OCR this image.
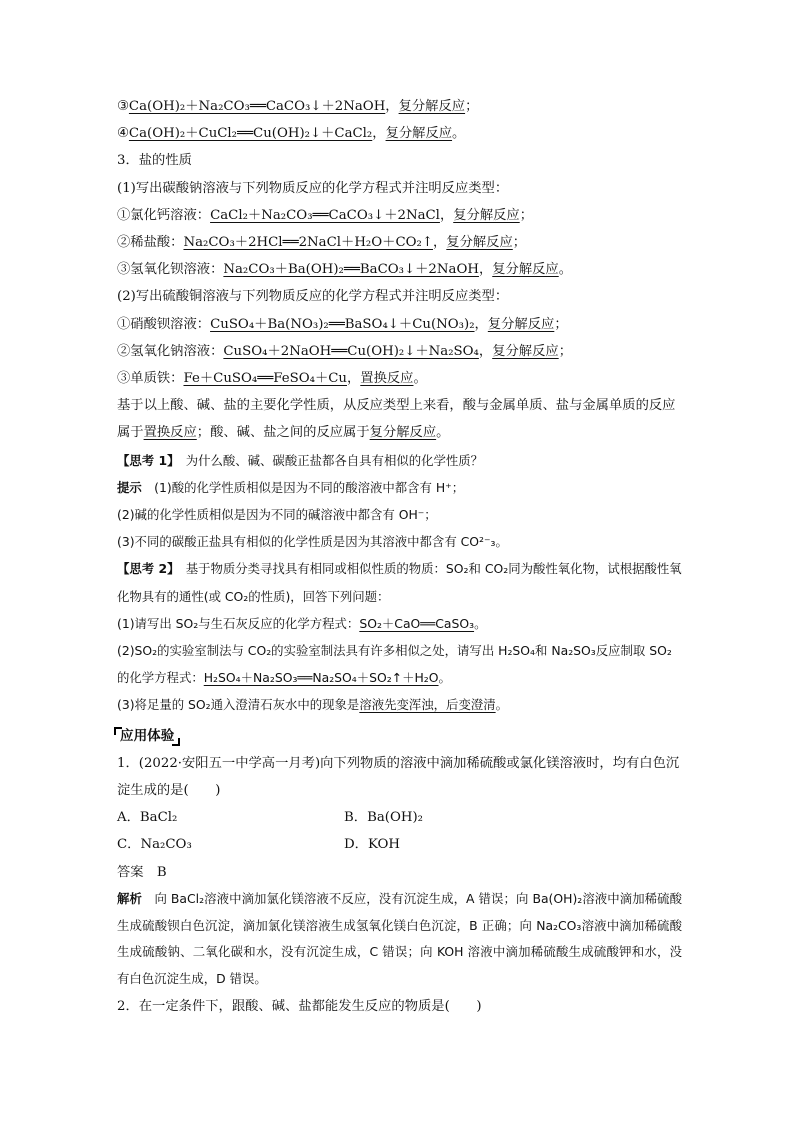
③Ca(OH)₂＋Na₂CO₃══CaCO₃↓＋2NaOH，复分解反应；
④Ca(OH)₂＋CuCl₂══Cu(OH)₂↓＋CaCl₂，复分解反应。
3．盐的性质
(1)写出碳酸钠溶液与下列物质反应的化学方程式并注明反应类型：
①氯化钙溶液：CaCl₂＋Na₂CO₃══CaCO₃↓＋2NaCl，复分解反应；
②稀盐酸：Na₂CO₃＋2HCl══2NaCl＋H₂O＋CO₂↑，复分解反应；
③氢氧化钡溶液：Na₂CO₃＋Ba(OH)₂══BaCO₃↓＋2NaOH，复分解反应。
(2)写出硫酸铜溶液与下列物质反应的化学方程式并注明反应类型：
①硝酸钡溶液：CuSO₄＋Ba(NO₃)₂══BaSO₄↓＋Cu(NO₃)₂，复分解反应；
②氢氧化钠溶液：CuSO₄＋2NaOH══Cu(OH)₂↓＋Na₂SO₄，复分解反应；
③单质铁：Fe＋CuSO₄══FeSO₄＋Cu，置换反应。
基于以上酸、碱、盐的主要化学性质，从反应类型上来看，酸与金属单质、盐与金属单质的反应属于置换反应；酸、碱、盐之间的反应属于复分解反应。
【思考 1】　 为什么酸、碱、碳酸正盐都各自具有相似的化学性质？
提示　 (1)酸的化学性质相似是因为不同的酸溶液中都含有 H⁺；
(2)碱的化学性质相似是因为不同的碱溶液中都含有 OH⁻；
(3)不同的碳酸正盐具有相似的化学性质是因为其溶液中都含有 CO²⁻₃。
【思考 2】　 基于物质分类寻找具有相同或相似性质的物质：SO₂和 CO₂同为酸性氧化物，试根据酸性氧化物具有的通性(或 CO₂的性质)，回答下列问题：
(1)请写出 SO₂与生石灰反应的化学方程式：SO₂＋CaO══CaSO₃。
(2)SO₂的实验室制法与 CO₂的实验室制法具有许多相似之处，请写出 H₂SO₄和 Na₂SO₃反应制取 SO₂的化学方程式：H₂SO₄＋Na₂SO₃══Na₂SO₄＋SO₂↑＋H₂O。
(3)将足量的 SO₂通入澄清石灰水中的现象是溶液先变浑浊，后变澄清。
应用体验
1．(2022·安阳五一中学高一月考)向下列物质的溶液中滴加稀硫酸或氯化镁溶液时，均有白色沉淀生成的是(　　)
A．BaCl₂	B．Ba(OH)₂
C．Na₂CO₃	D．KOH
答案　 B
解析　 向 BaCl₂溶液中滴加氯化镁溶液不反应，没有沉淀生成，A 错误；向 Ba(OH)₂溶液中滴加稀硫酸生成硫酸钡白色沉淀，滴加氯化镁溶液生成氢氧化镁白色沉淀，B 正确；向 Na₂CO₃溶液中滴加稀硫酸生成硫酸钠、二氧化碳和水，没有沉淀生成，C 错误；向 KOH 溶液中滴加稀硫酸生成硫酸钾和水，没有白色沉淀生成，D 错误。
2．在一定条件下，跟酸、碱、盐都能发生反应的物质是(　　)
